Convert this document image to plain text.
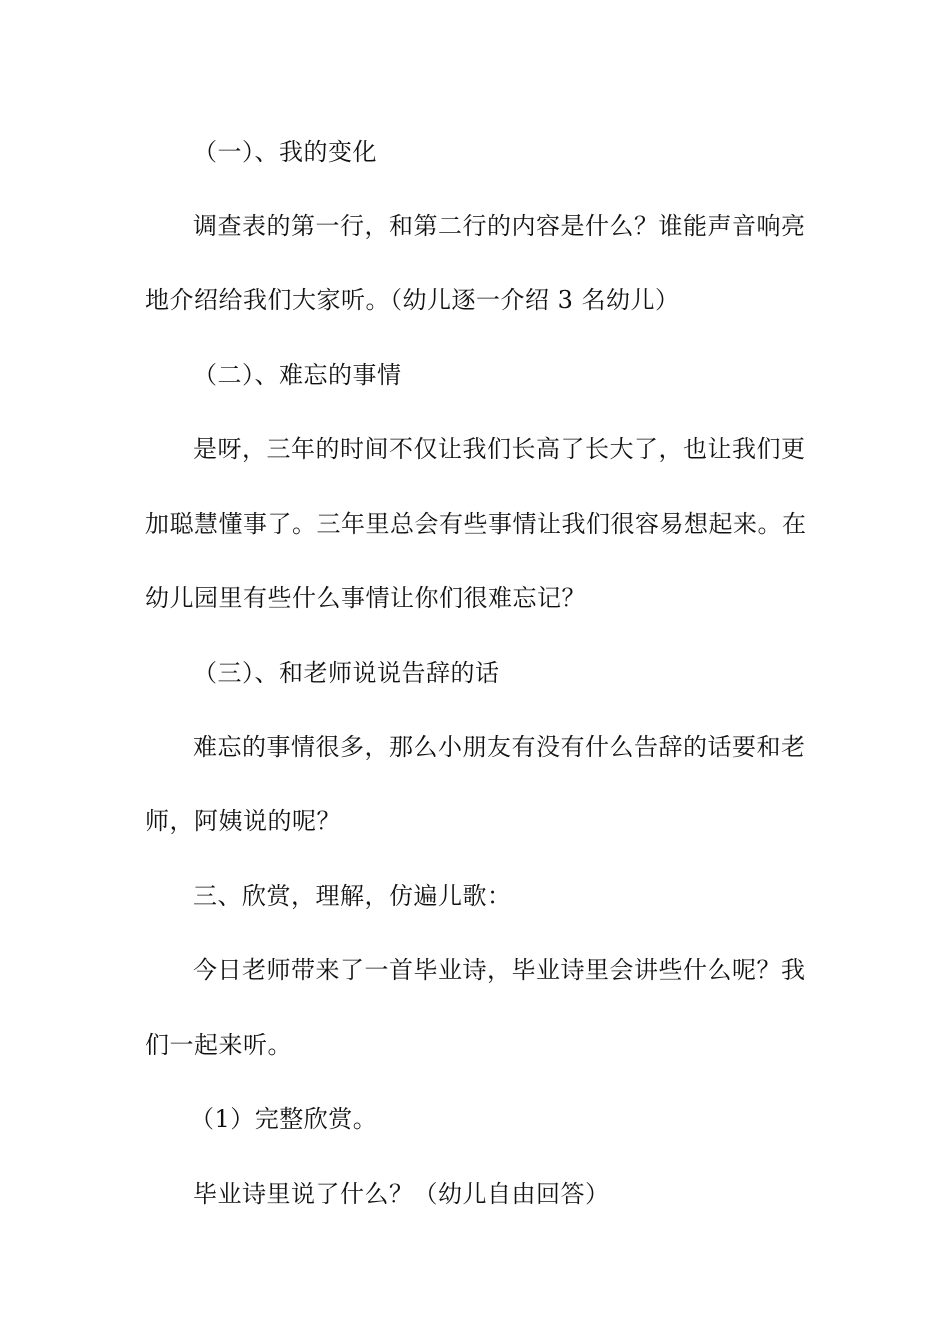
（一）、我的变化
调查表的第一行，和第二行的内容是什么？谁能声音响亮
地介绍给我们大家听。（幼儿逐一介绍 3 名幼儿）
（二）、难忘的事情
是呀，三年的时间不仅让我们长高了长大了，也让我们更
加聪慧懂事了。三年里总会有些事情让我们很容易想起来。在
幼儿园里有些什么事情让你们很难忘记？
（三）、和老师说说告辞的话
难忘的事情很多，那么小朋友有没有什么告辞的话要和老
师，阿姨说的呢？
三、欣赏，理解，仿遍儿歌：
今日老师带来了一首毕业诗，毕业诗里会讲些什么呢？我
们一起来听。
（1）完整欣赏。
毕业诗里说了什么？（幼儿自由回答）
